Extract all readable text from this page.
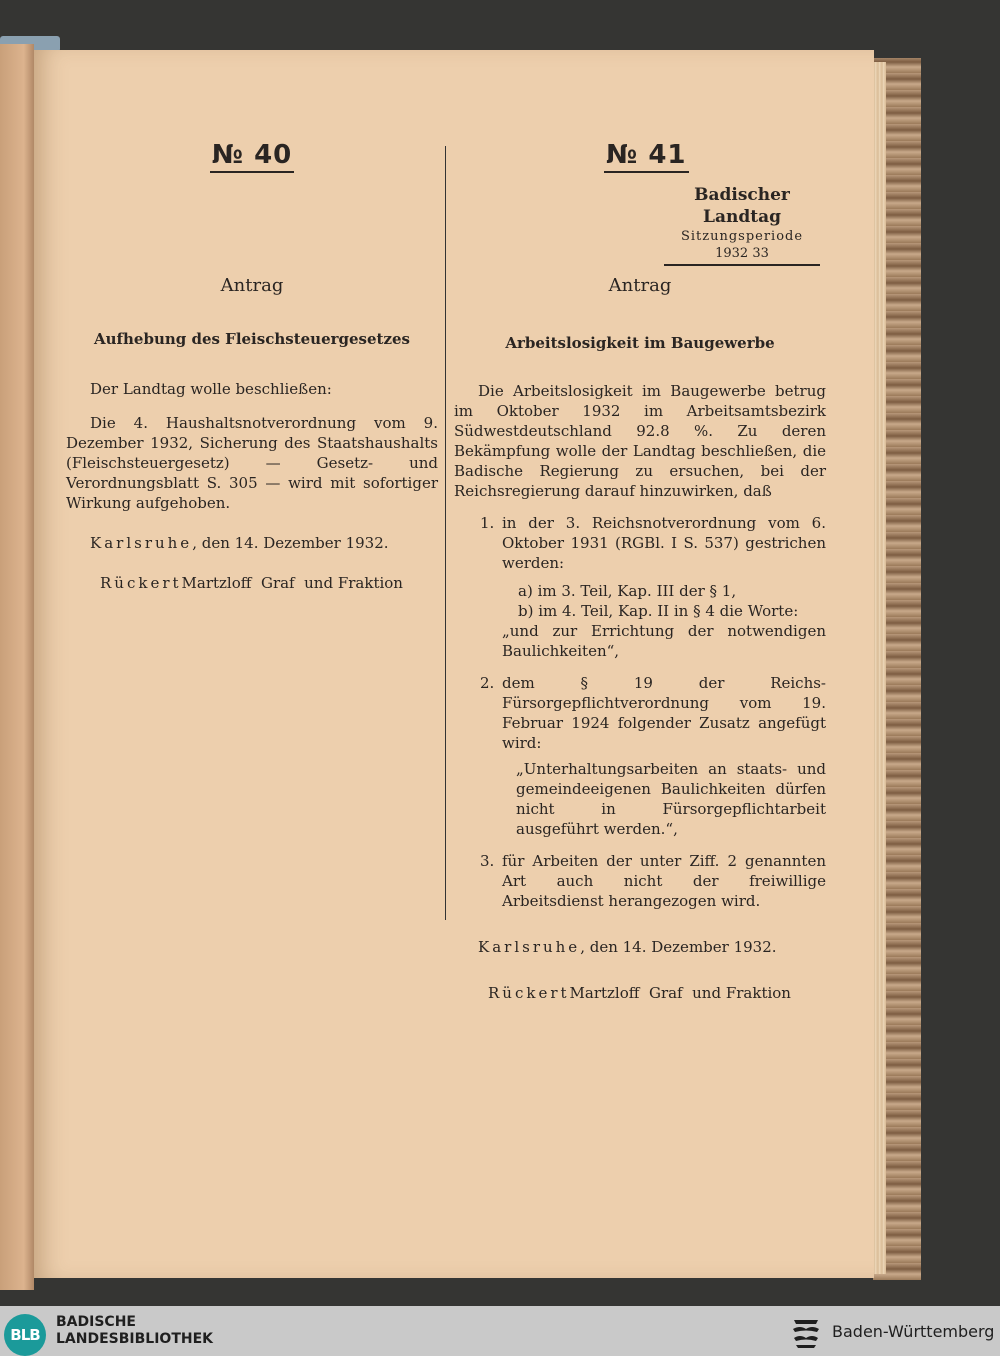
№ 40
Antrag
Aufhebung des Fleischsteuergesetzes

Der Landtag wolle beschließen:

Die 4. Haushaltsnotverordnung vom 9. Dezember 1932, Sicherung des Staatshaushalts (Fleischsteuergesetz) — Gesetz- und Verordnungsblatt S. 305 — wird mit sofortiger Wirkung aufgehoben.

Karlsruhe, den 14. Dezember 1932.

RückertMartzloff  Graf  und Fraktion

№ 41
Antrag
Arbeitslosigkeit im Baugewerbe

Die Arbeitslosigkeit im Baugewerbe betrug im Oktober 1932 im Arbeitsamtsbezirk Südwestdeutschland 92.8 %. Zu deren Bekämpfung wolle der Landtag beschließen, die Badische Regierung zu ersuchen, bei der Reichsregierung darauf hinzuwirken, daß

1. in der 3. Reichsnotverordnung vom 6. Oktober 1931 (RGBl. I S. 537) gestrichen werden:
a) im 3. Teil, Kap. III der § 1,
b) im 4. Teil, Kap. II in § 4 die Worte:
„und zur Errichtung der notwendigen Baulichkeiten“,
2. dem § 19 der Reichs-Fürsorgepflichtverordnung vom 19. Februar 1924 folgender Zusatz angefügt wird:
„Unterhaltungsarbeiten an staats- und gemeindeeigenen Baulichkeiten dürfen nicht in Fürsorgepflichtarbeit ausgeführt werden.“,
3. für Arbeiten der unter Ziff. 2 genannten Art auch nicht der freiwillige Arbeitsdienst herangezogen wird.

Karlsruhe, den 14. Dezember 1932.

RückertMartzloff  Graf  und Fraktion

Badischer Landtag
Sitzungsperiode
1932 33
BLB
BADISCHE
LANDESBIBLIOTHEK	Baden-Württemberg
